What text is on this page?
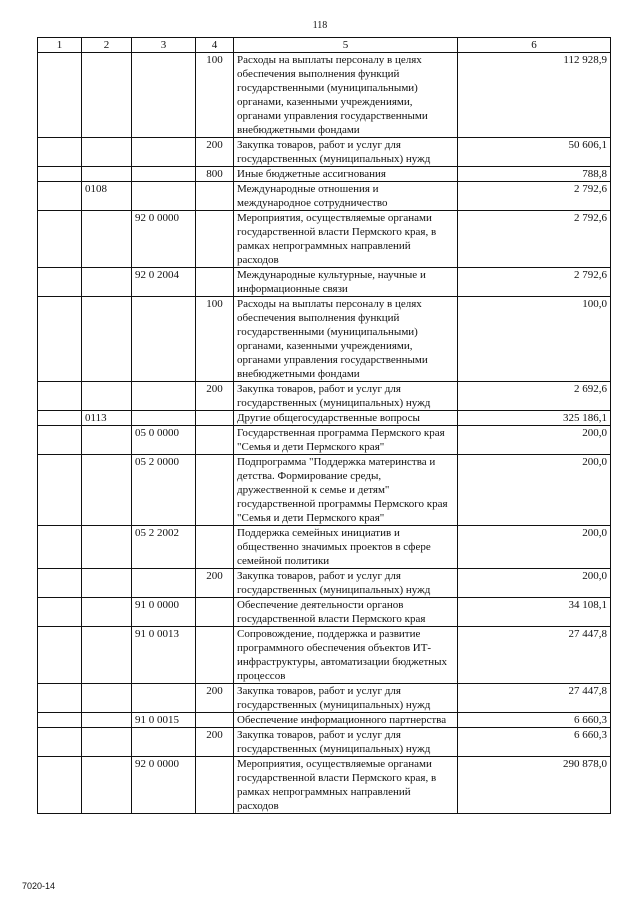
118
1	2	3	4	5	6
			100	Расходы на выплаты персоналу в целях обеспечения выполнения функций государственными (муниципальными) органами, казенными учреждениями, органами управления государственными внебюджетными фондами	112 928,9
			200	Закупка товаров, работ и услуг для государственных (муниципальных) нужд	50 606,1
			800	Иные бюджетные ассигнования	788,8
	0108			Международные отношения и международное сотрудничество	2 792,6
		92 0 0000		Мероприятия, осуществляемые органами государственной власти Пермского края, в рамках непрограммных направлений расходов	2 792,6
		92 0 2004		Международные культурные, научные и информационные связи	2 792,6
			100	Расходы на выплаты персоналу в целях обеспечения выполнения функций государственными (муниципальными) органами, казенными учреждениями, органами управления государственными внебюджетными фондами	100,0
			200	Закупка товаров, работ и услуг для государственных (муниципальных) нужд	2 692,6
	0113			Другие общегосударственные вопросы	325 186,1
		05 0 0000		Государственная программа Пермского края "Семья и дети Пермского края"	200,0
		05 2 0000		Подпрограмма "Поддержка материнства и детства. Формирование среды, дружественной к семье и детям" государственной программы Пермского края "Семья и дети Пермского края"	200,0
		05 2 2002		Поддержка семейных инициатив и общественно значимых проектов в сфере семейной политики	200,0
			200	Закупка товаров, работ и услуг для государственных (муниципальных) нужд	200,0
		91 0 0000		Обеспечение деятельности органов государственной власти Пермского края	34 108,1
		91 0 0013		Сопровождение, поддержка и развитие программного обеспечения объектов ИТ-инфраструктуры, автоматизации бюджетных процессов	27 447,8
			200	Закупка товаров, работ и услуг для государственных (муниципальных) нужд	27 447,8
		91 0 0015		Обеспечение информационного партнерства	6 660,3
			200	Закупка товаров, работ и услуг для государственных (муниципальных) нужд	6 660,3
		92 0 0000		Мероприятия, осуществляемые органами государственной власти Пермского края, в рамках непрограммных направлений расходов	290 878,0
7020-14
